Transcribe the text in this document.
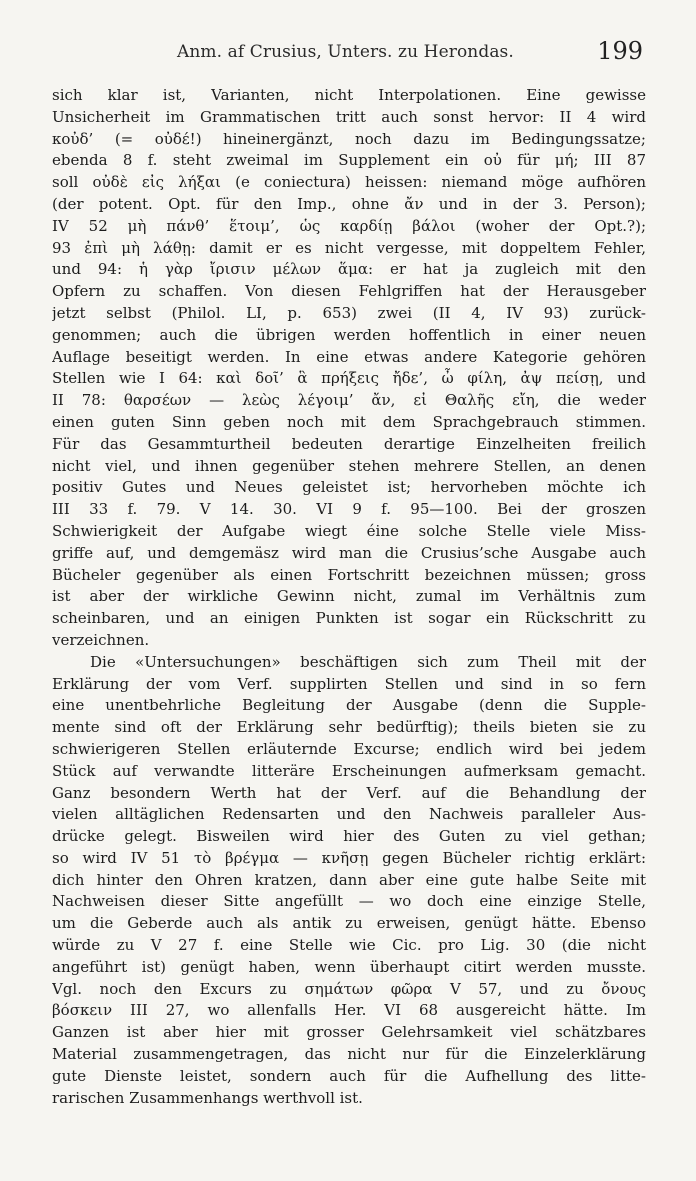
Anm. af Crusius, Unters. zu Herondas.	199
sich klar ist, Varianten, nicht Interpolationen. Eine gewisse
Unsicherheit im Grammatischen tritt auch sonst hervor: II 4 wird
κοὐδ’ (= οὐδέ!) hineinergänzt, noch dazu im Bedingungssatze;
ebenda 8 f. steht zweimal im Supplement ein οὐ für μή; III 87
soll οὐδὲ εἰς λήξαι (e coniectura) heissen: niemand möge aufhören
(der potent. Opt. für den Imp., ohne ἄν und in der 3. Person);
IV 52 μὴ πάνθ’ ἕτοιμ’, ὡς καρδίῃ βάλοι (woher der Opt.?);
93 ἐπὶ μὴ λάθῃ: damit er es nicht vergesse, mit doppeltem Fehler,
und 94: ἡ γὰρ ἴρισιν μέλων ἅμα: er hat ja zugleich mit den
Opfern zu schaffen. Von diesen Fehlgriffen hat der Herausgeber
jetzt selbst (Philol. LI, p. 653) zwei (II 4, IV 93) zurück-
genommen; auch die übrigen werden hoffentlich in einer neuen
Auflage beseitigt werden. In eine etwas andere Kategorie gehören
Stellen wie I 64: καὶ δοῖ’ ἃ πρήξεις ἤδε’, ὦ φίλη, ἀψ πείσῃ, und
II 78: θαρσέων — λεὼς λέγοιμ’ ἄν, εἰ Θαλῆς εἴη, die weder
einen guten Sinn geben noch mit dem Sprachgebrauch stimmen.
Für das Gesammturtheil bedeuten derartige Einzelheiten freilich
nicht viel, und ihnen gegenüber stehen mehrere Stellen, an denen
positiv Gutes und Neues geleistet ist; hervorheben möchte ich
III 33 f. 79. V 14. 30. VI 9 f. 95—100. Bei der groszen
Schwierigkeit der Aufgabe wiegt éine solche Stelle viele Miss-
griffe auf, und demgemäsz wird man die Crusius’sche Ausgabe auch
Bücheler gegenüber als einen Fortschritt bezeichnen müssen; gross
ist aber der wirkliche Gewinn nicht, zumal im Verhältnis zum
scheinbaren, und an einigen Punkten ist sogar ein Rückschritt zu
verzeichnen.
Die «Untersuchungen» beschäftigen sich zum Theil mit der
Erklärung der vom Verf. supplirten Stellen und sind in so fern
eine unentbehrliche Begleitung der Ausgabe (denn die Supple-
mente sind oft der Erklärung sehr bedürftig); theils bieten sie zu
schwierigeren Stellen erläuternde Excurse; endlich wird bei jedem
Stück auf verwandte litteräre Erscheinungen aufmerksam gemacht.
Ganz besondern Werth hat der Verf. auf die Behandlung der
vielen alltäglichen Redensarten und den Nachweis paralleler Aus-
drücke gelegt. Bisweilen wird hier des Guten zu viel gethan;
so wird IV 51 τὸ βρέγμα — κνῆσῃ gegen Bücheler richtig erklärt:
dich hinter den Ohren kratzen, dann aber eine gute halbe Seite mit
Nachweisen dieser Sitte angefüllt — wo doch eine einzige Stelle,
um die Geberde auch als antik zu erweisen, genügt hätte. Ebenso
würde zu V 27 f. eine Stelle wie Cic. pro Lig. 30 (die nicht
angeführt ist) genügt haben, wenn überhaupt citirt werden musste.
Vgl. noch den Excurs zu σημάτων φῶρα V 57, und zu ὄνους
βόσκειν III 27, wo allenfalls Her. VI 68 ausgereicht hätte. Im
Ganzen ist aber hier mit grosser Gelehrsamkeit viel schätzbares
Material zusammengetragen, das nicht nur für die Einzelerklärung
gute Dienste leistet, sondern auch für die Aufhellung des litte-
rarischen Zusammenhangs werthvoll ist.
